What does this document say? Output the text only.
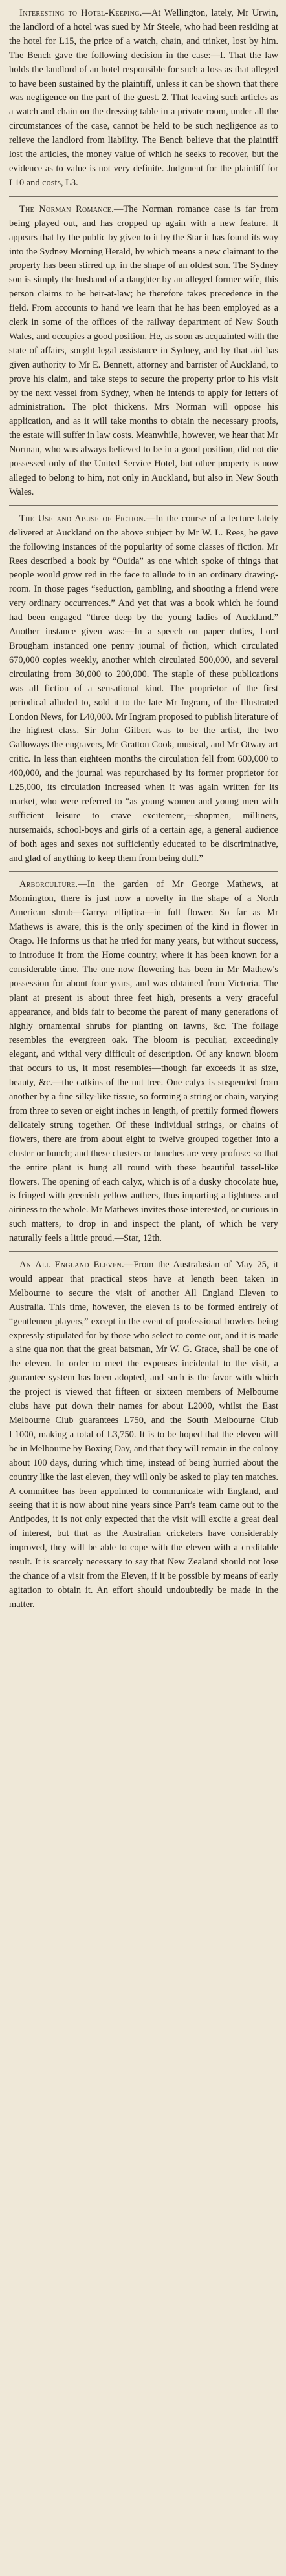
Interesting to Hotel-Keeping.—At Wellington, lately, Mr Urwin, the landlord of a hotel was sued by Mr Steele, who had been residing at the hotel for L15, the price of a watch, chain, and trinket, lost by him. The Bench gave the following decision in the case:—I. That the law holds the landlord of an hotel responsible for such a loss as that alleged to have been sustained by the plaintiff, unless it can be shown that there was negligence on the part of the guest. 2. That leaving such articles as a watch and chain on the dressing table in a private room, under all the circumstances of the case, cannot be held to be such negligence as to relieve the landlord from liability. The Bench believe that the plaintiff lost the articles, the money value of which he seeks to recover, but the evidence as to value is not very definite. Judgment for the plaintiff for L10 and costs, L3.

The Norman Romance.—The Norman romance case is far from being played out, and has cropped up again with a new feature. It appears that by the public by given to it by the Star it has found its way into the Sydney Morning Herald, by which means a new claimant to the property has been stirred up, in the shape of an oldest son. The Sydney son is simply the husband of a daughter by an alleged former wife, this person claims to be heir-at-law; he therefore takes precedence in the field. From accounts to hand we learn that he has been employed as a clerk in some of the offices of the railway department of New South Wales, and occupies a good position. He, as soon as acquainted with the state of affairs, sought legal assistance in Sydney, and by that aid has given authority to Mr E. Bennett, attorney and barrister of Auckland, to prove his claim, and take steps to secure the property prior to his visit by the next vessel from Sydney, when he intends to apply for letters of administration. The plot thickens. Mrs Norman will oppose his application, and as it will take months to obtain the necessary proofs, the estate will suffer in law costs. Meanwhile, however, we hear that Mr Norman, who was always believed to be in a good position, did not die possessed only of the United Service Hotel, but other property is now alleged to belong to him, not only in Auckland, but also in New South Wales.

The Use and Abuse of Fiction.—In the course of a lecture lately delivered at Auckland on the above subject by Mr W. L. Rees, he gave the following instances of the popularity of some classes of fiction. Mr Rees described a book by “Ouida” as one which spoke of things that people would grow red in the face to allude to in an ordinary drawing-room. In those pages “seduction, gambling, and shooting a friend were very ordinary occurrences.” And yet that was a book which he found had been engaged “three deep by the young ladies of Auckland.” Another instance given was:—In a speech on paper duties, Lord Brougham instanced one penny journal of fiction, which circulated 670,000 copies weekly, another which circulated 500,000, and several circulating from 30,000 to 200,000. The staple of these publications was all fiction of a sensational kind. The proprietor of the first periodical alluded to, sold it to the late Mr Ingram, of the Illustrated London News, for L40,000. Mr Ingram proposed to publish literature of the highest class. Sir John Gilbert was to be the artist, the two Galloways the engravers, Mr Gratton Cook, musical, and Mr Otway art critic. In less than eighteen months the circulation fell from 600,000 to 400,000, and the journal was repurchased by its former proprietor for L25,000, its circulation increased when it was again written for its market, who were referred to “as young women and young men with sufficient leisure to crave excitement,—shopmen, milliners, nursemaids, school-boys and girls of a certain age, a general audience of both ages and sexes not sufficiently educated to be discriminative, and glad of anything to keep them from being dull.”

Arborculture.—In the garden of Mr George Mathews, at Mornington, there is just now a novelty in the shape of a North American shrub—Garrya elliptica—in full flower. So far as Mr Mathews is aware, this is the only specimen of the kind in flower in Otago. He informs us that he tried for many years, but without success, to introduce it from the Home country, where it has been known for a considerable time. The one now flowering has been in Mr Mathew's possession for about four years, and was obtained from Victoria. The plant at present is about three feet high, presents a very graceful appearance, and bids fair to become the parent of many generations of highly ornamental shrubs for planting on lawns, &c. The foliage resembles the evergreen oak. The bloom is peculiar, exceedingly elegant, and withal very difficult of description. Of any known bloom that occurs to us, it most resembles—though far exceeds it as size, beauty, &c.—the catkins of the nut tree. One calyx is suspended from another by a fine silky-like tissue, so forming a string or chain, varying from three to seven or eight inches in length, of prettily formed flowers delicately strung together. Of these individual strings, or chains of flowers, there are from about eight to twelve grouped together into a cluster or bunch; and these clusters or bunches are very profuse: so that the entire plant is hung all round with these beautiful tassel-like flowers. The opening of each calyx, which is of a dusky chocolate hue, is fringed with greenish yellow anthers, thus imparting a lightness and airiness to the whole. Mr Mathews invites those interested, or curious in such matters, to drop in and inspect the plant, of which he very naturally feels a little proud.—Star, 12th.

An All England Eleven.—From the Australasian of May 25, it would appear that practical steps have at length been taken in Melbourne to secure the visit of another All England Eleven to Australia. This time, however, the eleven is to be formed entirely of “gentlemen players,” except in the event of professional bowlers being expressly stipulated for by those who select to come out, and it is made a sine qua non that the great batsman, Mr W. G. Grace, shall be one of the eleven. In order to meet the expenses incidental to the visit, a guarantee system has been adopted, and such is the favor with which the project is viewed that fifteen or sixteen members of Melbourne clubs have put down their names for about L2000, whilst the East Melbourne Club guarantees L750, and the South Melbourne Club L1000, making a total of L3,750. It is to be hoped that the eleven will be in Melbourne by Boxing Day, and that they will remain in the colony about 100 days, during which time, instead of being hurried about the country like the last eleven, they will only be asked to play ten matches. A committee has been appointed to communicate with England, and seeing that it is now about nine years since Parr's team came out to the Antipodes, it is not only expected that the visit will excite a great deal of interest, but that as the Australian cricketers have considerably improved, they will be able to cope with the eleven with a creditable result. It is scarcely necessary to say that New Zealand should not lose the chance of a visit from the Eleven, if it be possible by means of early agitation to obtain it. An effort should undoubtedly be made in the matter.
